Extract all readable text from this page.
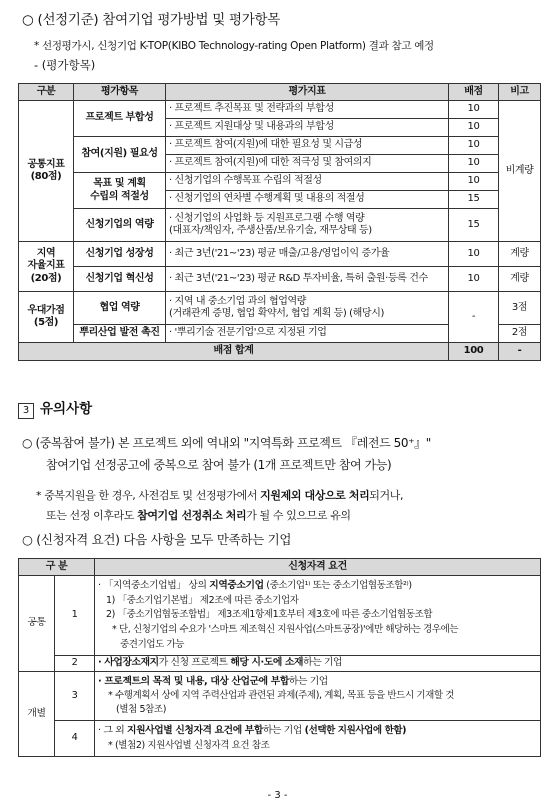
○ (선정기준) 참여기업 평가방법 및 평가항목
* 선정평가시, 신청기업 K-TOP(KIBO Technology-rating Open Platform) 결과 참고 예정
- (평가항목)
구분	평가항목	평가지표	배점	비고
공통지표
(80점)	프로젝트 부합성	· 프로젝트 추진목표 및 전략과의 부합성	10	비계량
		· 프로젝트 지원대상 및 내용과의 부합성	10	
	참여(지원) 필요성	· 프로젝트 참여(지원)에 대한 필요성 및 시급성	10	
		· 프로젝트 참여(지원)에 대한 적극성 및 참여의지	10	
	목표 및 계획
수립의 적절성	· 신청기업의 수행목표 수립의 적절성	10	
		· 신청기업의 연차별 수행계획 및 내용의 적절성	15	
	신청기업의 역량	· 신청기업의 사업화 등 지원프로그램 수행 역량
(대표자/책임자, 주생산품/보유기술, 재무상태 등)	15	
지역
자율지표
(20점)	신청기업 성장성	· 최근 3년('21~'23) 평균 매출/고용/영업이익 증가율	10	계량
	신청기업 혁신성	· 최근 3년('21~'23) 평균 R&D 투자비율, 특허 출원·등록 건수	10	계량
우대가점
(5점)	협업 역량	· 지역 내 중소기업 과의 협업역량
(거래관계 증명, 협업 확약서, 협업 계획 등) (해당시)	-	3점
	뿌리산업 발전 촉진	· '뿌리기술 전문기업'으로 지정된 기업		2점
배점 합계			100	-
3 유의사항
○ (중복참여 불가) 본 프로젝트 외에 역내외 "지역특화 프로젝트 『레전드 50⁺』"
참여기업 선정공고에 중복으로 참여 불가 (1개 프로젝트만 참여 가능)
* 중복지원을 한 경우, 사전검토 및 선정평가에서 지원제외 대상으로 처리되거나,
또는 선정 이후라도 참여기업 선정취소 처리가 될 수 있으므로 유의
○ (신청자격 요건) 다음 사항을 모두 만족하는 기업
구 분		신청자격 요건
공통	1	· 「지역중소기업법」 상의 지역중소기업 (중소기업¹⁾ 또는 중소기업협동조합²⁾)
1) 「중소기업기본법」 제2조에 따른 중소기업자
2) 「중소기업협동조합법」 제3조제1항제1호부터 제3호에 따른 중소기업협동조합
* 단, 신청기업의 수요가 '스마트 제조혁신 지원사업(스마트공장)'에만 해당하는 경우에는
중견기업도 가능

	2	· 사업장소재지가 신청 프로젝트 해당 시·도에 소재하는 기업
개별	3	· 프로젝트의 목적 및 내용, 대상 산업군에 부합하는 기업
* 수행계획서 상에 지역 주력산업과 관련된 과제(주제), 계획, 목표 등을 반드시 기재할 것
(별첨 5참조)

	4	· 그 외 지원사업별 신청자격 요건에 부합하는 기업 (선택한 지원사업에 한함)
* (별첨2) 지원사업별 신청자격 요건 참조
- 3 -
